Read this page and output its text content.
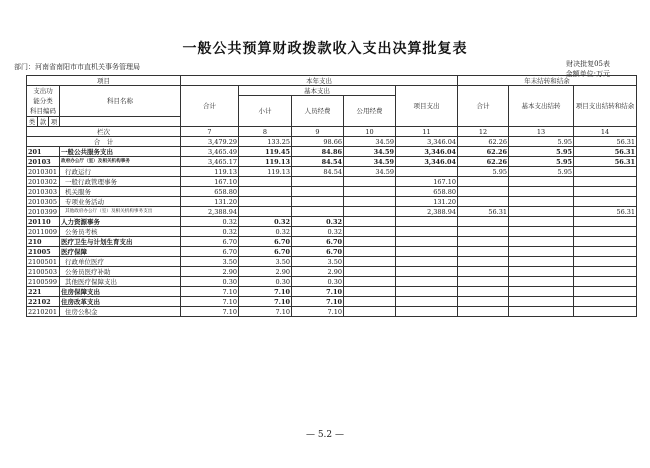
一般公共预算财政拨款收入支出决算批复表
部门：河南省南阳市市直机关事务管理局	财决批复05表
金额单位:万元
项目				本年支出					年末结转和结余		

支出功
能分类
科目编码			科目名称	合计	基本支出			项目支出	合计	基本支出结转	项目支出结转和结余
					小计	人员经费	公用经费				
类	款	项									
栏次				7	8	9	10	11	12	13	14
合　计				3,479.29	133.25	98.66	34.59	3,346.04	62.26	5.95	56.31
201			一般公共服务支出	3,465.49	119.45	84.86	34.59	3,346.04	62.26	5.95	56.31
20103			政府办公厅（室）及相关机构事务	3,465.17	119.13	84.54	34.59	3,346.04	62.26	5.95	56.31
2010301			行政运行	119.13	119.13	84.54	34.59		5.95	5.95	
2010302			一般行政管理事务	167.10				167.10			
2010303			机关服务	658.80				658.80			
2010305			专项业务活动	131.20				131.20			
2010399			其他政府办公厅（室）及相关机构事务支出	2,388.94				2,388.94	56.31		56.31
20110			人力资源事务	0.32	0.32	0.32					
2011009			公务员考核	0.32	0.32	0.32					
210			医疗卫生与计划生育支出	6.70	6.70	6.70					
21005			医疗保障	6.70	6.70	6.70					
2100501			行政单位医疗	3.50	3.50	3.50					
2100503			公务员医疗补助	2.90	2.90	2.90					
2100599			其他医疗保障支出	0.30	0.30	0.30					
221			住房保障支出	7.10	7.10	7.10					
22102			住房改革支出	7.10	7.10	7.10					
2210201			住房公积金	7.10	7.10	7.10					
— 5.2 —
